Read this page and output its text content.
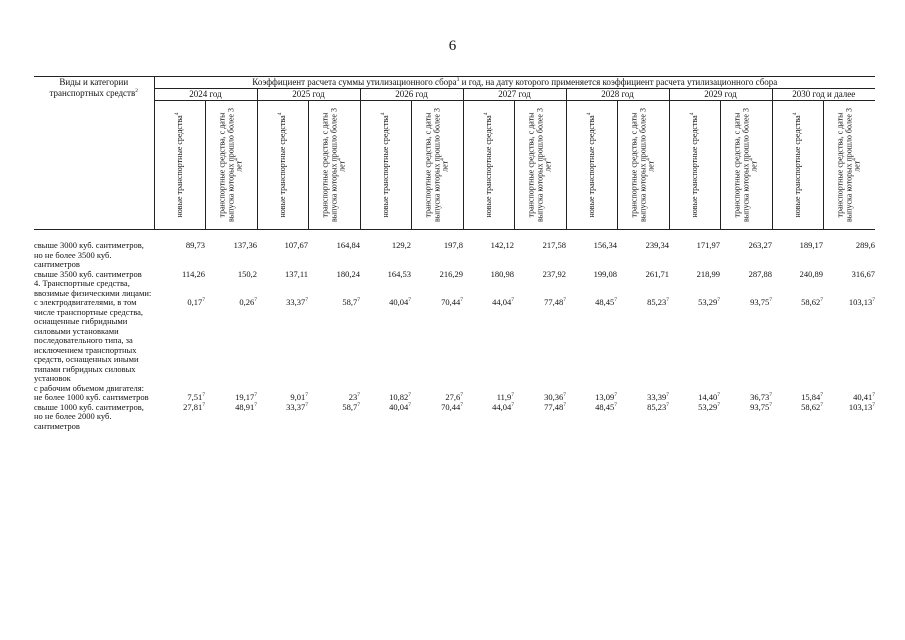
6
Виды и категории транспортных средств$^2$	Коэффициент расчета суммы утилизационного сбора$^3$ и год, на дату которого применяется коэффициент расчета утилизационного сбора													
	2024 год		2025 год		2026 год		2027 год		2028 год		2029 год		2030 год и далее	

	новые транспортные средства$^4$	транспортные средства, с даты выпуска которых прошло более 3 лет$^4$	новые транспортные средства$^4$	транспортные средства, с даты выпуска которых прошло более 3 лет$^4$	новые транспортные средства$^4$	транспортные средства, с даты выпуска которых прошло более 3 лет$^4$	новые транспортные средства$^4$	транспортные средства, с даты выпуска которых прошло более 3 лет$^4$	новые транспортные средства$^4$	транспортные средства, с даты выпуска которых прошло более 3 лет$^4$	новые транспортные средства$^4$	транспортные средства, с даты выпуска которых прошло более 3 лет$^4$	новые транспортные средства$^4$	транспортные средства, с даты выпуска которых прошло более 3 лет$^4$

свыше 3000 куб. сантиметров, но не более 3500 куб. сантиметров	89,73	137,36	107,67	164,84	129,2	197,8	142,12	217,58	156,34	239,34	171,97	263,27	189,17	289,6
свыше 3500 куб. сантиметров	114,26	150,2	137,11	180,24	164,53	216,29	180,98	237,92	199,08	261,71	218,99	287,88	240,89	316,67
4. Транспортные средства, ввозимые физическими лицами:														
с электродвигателями, в том числе транспортные средства, оснащенные гибридными силовыми установками последовательного типа, за исключением транспортных средств, оснащенных иными типами гибридных силовых установок	0,17$^7$	0,26$^7$	33,37$^7$	58,7$^7$	40,04$^7$	70,44$^7$	44,04$^7$	77,48$^7$	48,45$^7$	85,23$^7$	53,29$^7$	93,75$^7$	58,62$^7$	103,13$^7$
с рабочим объемом двигателя:														
не более 1000 куб. сантиметров	7,51$^7$	19,17$^7$	9,01$^7$	$23^7$	10,82$^7$	27,6$^7$	11,9$^7$	30,36$^7$	13,09$^7$	33,39$^7$	14,40$^7$	36,73$^7$	15,84$^7$	40,41$^7$
свыше 1000 куб. сантиметров, но не более 2000 куб. сантиметров	27,81$^7$	48,91$^7$	33,37$^7$	58,7$^7$	40,04$^7$	70,44$^7$	44,04$^7$	77,48$^7$	48,45$^7$	85,23$^7$	53,29$^7$	93,75$^7$	58,62$^7$	103,13$^7$
